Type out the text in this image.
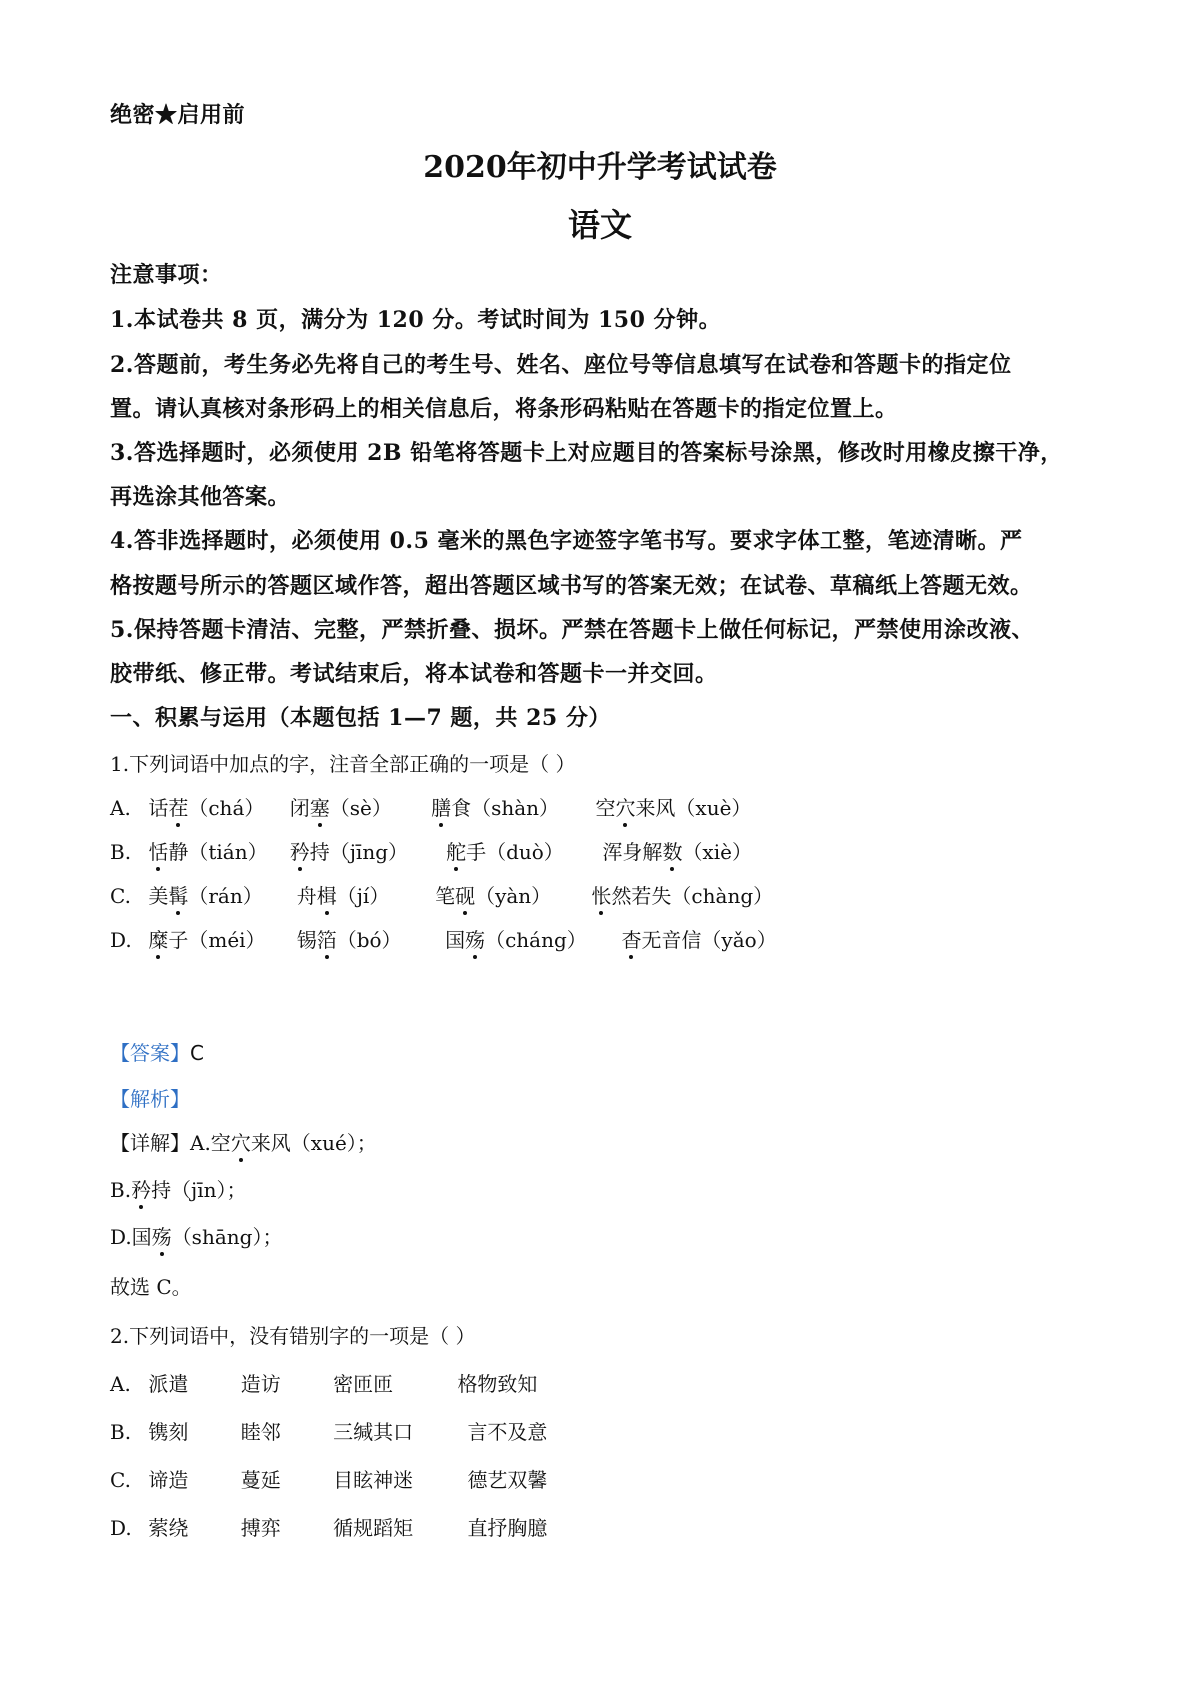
绝密★启用前
2020年初中升学考试试卷
语文
注意事项：
1.本试卷共 8 页，满分为 120 分。考试时间为 150 分钟。
2.答题前，考生务必先将自己的考生号、姓名、座位号等信息填写在试卷和答题卡的指定位
置。请认真核对条形码上的相关信息后，将条形码粘贴在答题卡的指定位置上。
3.答选择题时，必须使用 2B 铅笔将答题卡上对应题目的答案标号涂黑，修改时用橡皮擦干净，
再选涂其他答案。
4.答非选择题时，必须使用 0.5 毫米的黑色字迹签字笔书写。要求字体工整，笔迹清晰。严
格按题号所示的答题区域作答，超出答题区域书写的答案无效；在试卷、草稿纸上答题无效。
5.保持答题卡清洁、完整，严禁折叠、损坏。严禁在答题卡上做任何标记，严禁使用涂改液、
胶带纸、修正带。考试结束后，将本试卷和答题卡一并交回。
一、积累与运用（本题包括 1—7 题，共 25 分）
1.下列词语中加点的字，注音全部正确的一项是（ ）
A. 话茬（chá） 闭塞（sè） 膳食（shàn） 空穴来风（xuè）
B. 恬静（tián） 矜持（jīng） 舵手（duò） 浑身解数（xiè）
C. 美髯（rán） 舟楫（jí） 笔砚（yàn） 怅然若失（chàng）
D. 糜子（méi） 锡箔（bó） 国殇（cháng） 杳无音信（yǎo）
【答案】C
【解析】
【详解】A.空穴来风（xué）；
B.矜持（jīn）；
D.国殇（shāng）；
故选 C。
2.下列词语中，没有错别字的一项是（ ）
A. 派遣	造访	密匝匝	格物致知
B. 镌刻	睦邻	三缄其口	言不及意
C. 谛造	蔓延	目眩神迷	德艺双馨
D. 萦绕	搏弈	循规蹈矩	直抒胸臆
